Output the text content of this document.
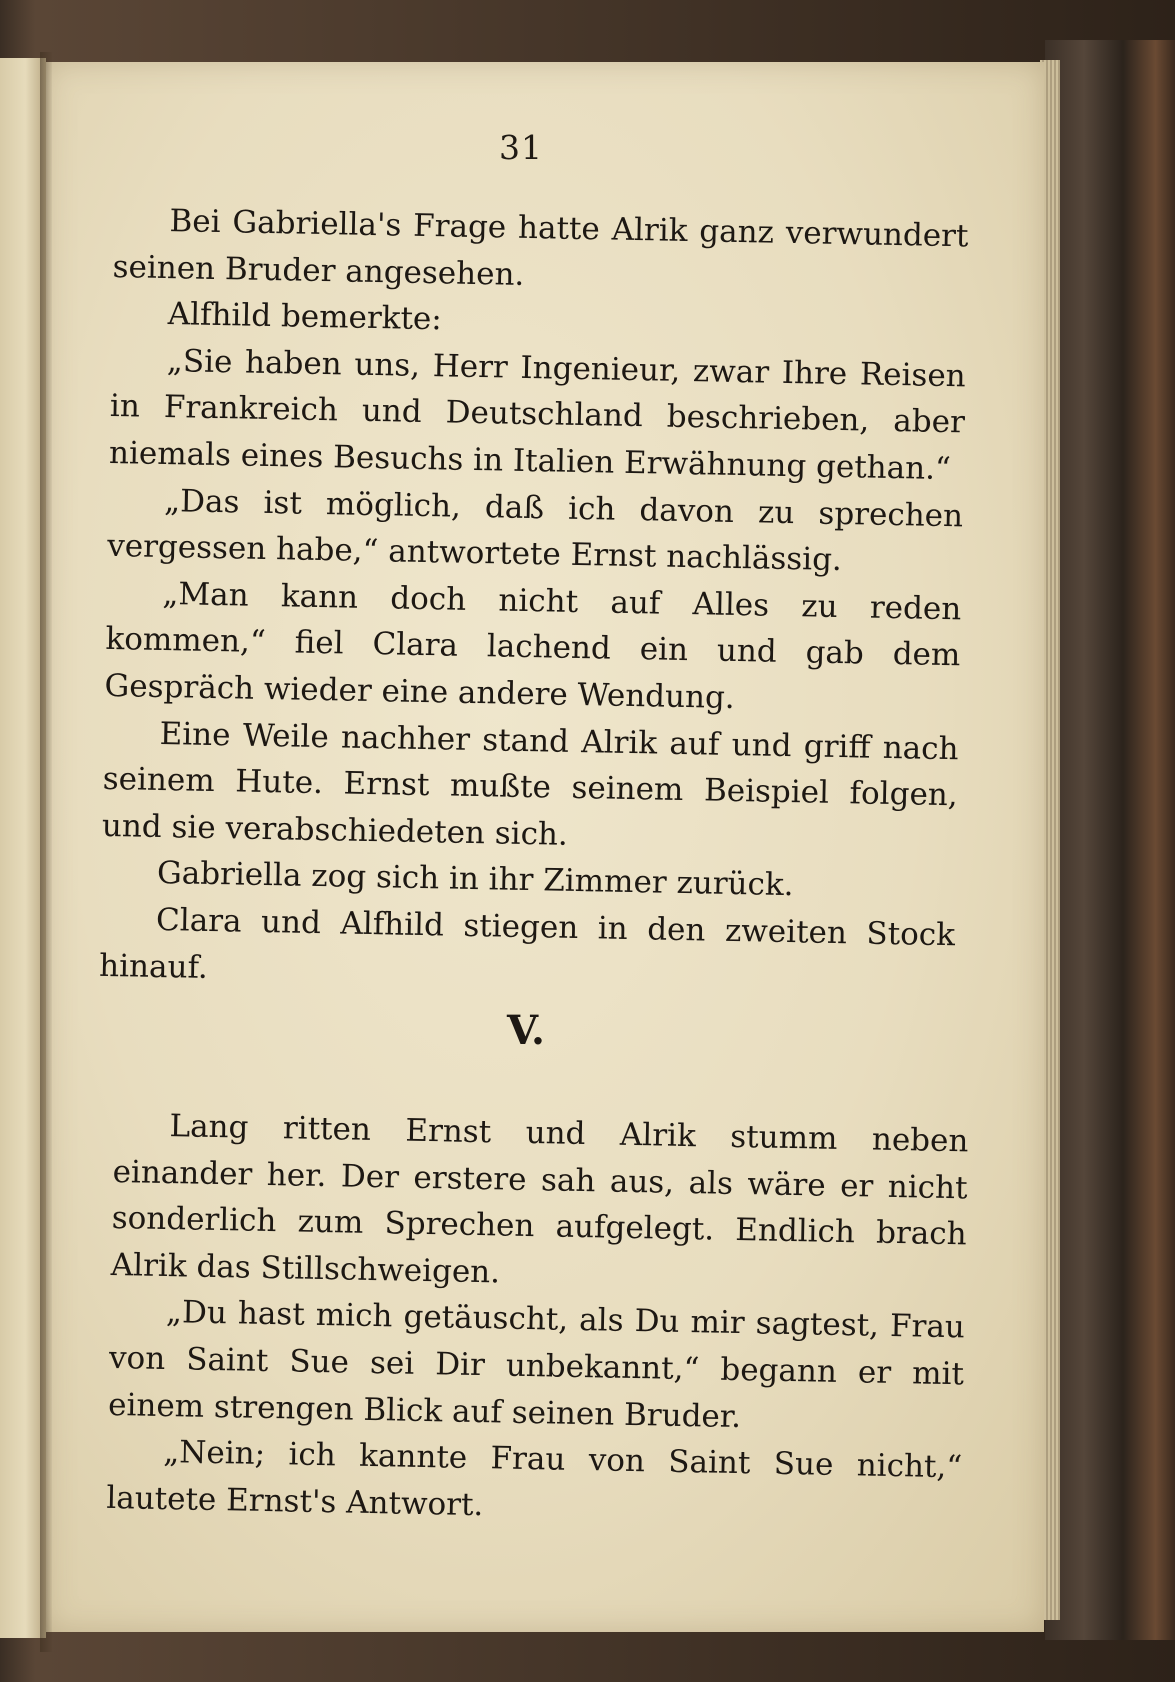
31

Bei Gabriella's Frage hatte Alrik ganz verwundert seinen Bruder angesehen.

Alfhild bemerkte:

„Sie haben uns, Herr Ingenieur, zwar Ihre Reisen in Frankreich und Deutschland beschrieben, aber niemals eines Besuchs in Italien Erwähnung gethan.“

„Das ist möglich, daß ich davon zu sprechen vergessen habe,“ antwortete Ernst nachlässig.

„Man kann doch nicht auf Alles zu reden kommen,“ fiel Clara lachend ein und gab dem Gespräch wieder eine andere Wendung.

Eine Weile nachher stand Alrik auf und griff nach seinem Hute. Ernst mußte seinem Beispiel folgen, und sie verabschiedeten sich.

Gabriella zog sich in ihr Zimmer zurück.

Clara und Alfhild stiegen in den zweiten Stock hinauf.

V.

Lang ritten Ernst und Alrik stumm neben einander her. Der erstere sah aus, als wäre er nicht sonderlich zum Sprechen aufgelegt. Endlich brach Alrik das Stillschweigen.

„Du hast mich getäuscht, als Du mir sagtest, Frau von Saint Sue sei Dir unbekannt,“ begann er mit einem strengen Blick auf seinen Bruder.

„Nein; ich kannte Frau von Saint Sue nicht,“ lautete Ernst's Antwort.
